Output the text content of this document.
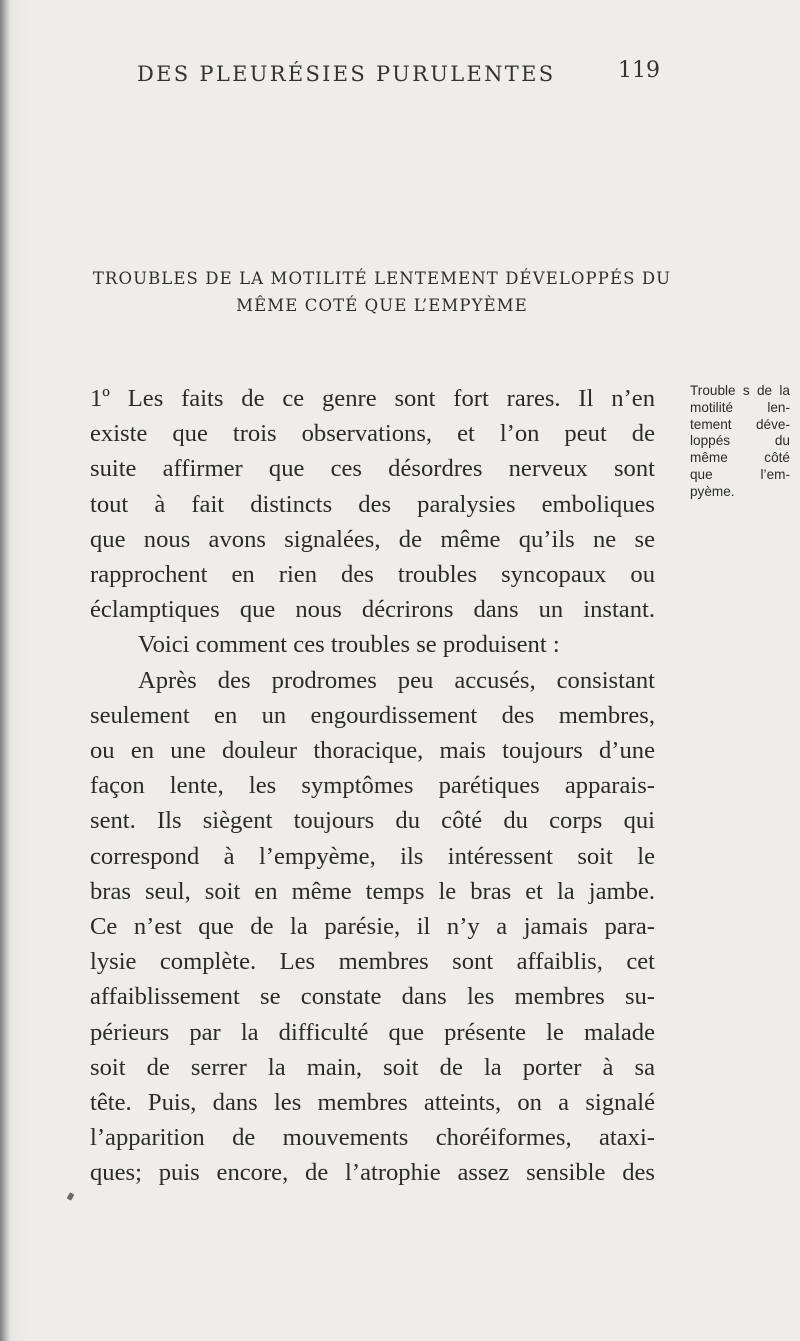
DES PLEURÉSIES PURULENTES	119
TROUBLES DE LA MOTILITÉ LENTEMENT DÉVELOPPÉS DU
MÊME COTÉ QUE L’EMPYÈME
1º Les faits de ce genre sont fort rares. Il n’en
existe que trois observations, et l’on peut de
suite affirmer que ces désordres nerveux sont
tout à fait distincts des paralysies emboliques
que nous avons signalées, de même qu’ils ne se
rapprochent en rien des troubles syncopaux ou
éclamptiques que nous décrirons dans un instant.
Voici comment ces troubles se produisent :
Après des prodromes peu accusés, consistant
seulement en un engourdissement des membres,
ou en une douleur thoracique, mais toujours d’une
façon lente, les symptômes parétiques apparais-
sent. Ils siègent toujours du côté du corps qui
correspond à l’empyème, ils intéressent soit le
bras seul, soit en même temps le bras et la jambe.
Ce n’est que de la parésie, il n’y a jamais para-
lysie complète. Les membres sont affaiblis, cet
affaiblissement se constate dans les membres su-
périeurs par la difficulté que présente le malade
soit de serrer la main, soit de la porter à sa
tête. Puis, dans les membres atteints, on a signalé
l’apparition de mouvements choréiformes, ataxi-
ques; puis encore, de l’atrophie assez sensible des
Trouble s de la
motilité len-
tement déve-
loppés du
même côté
que l’em-
pyème.
